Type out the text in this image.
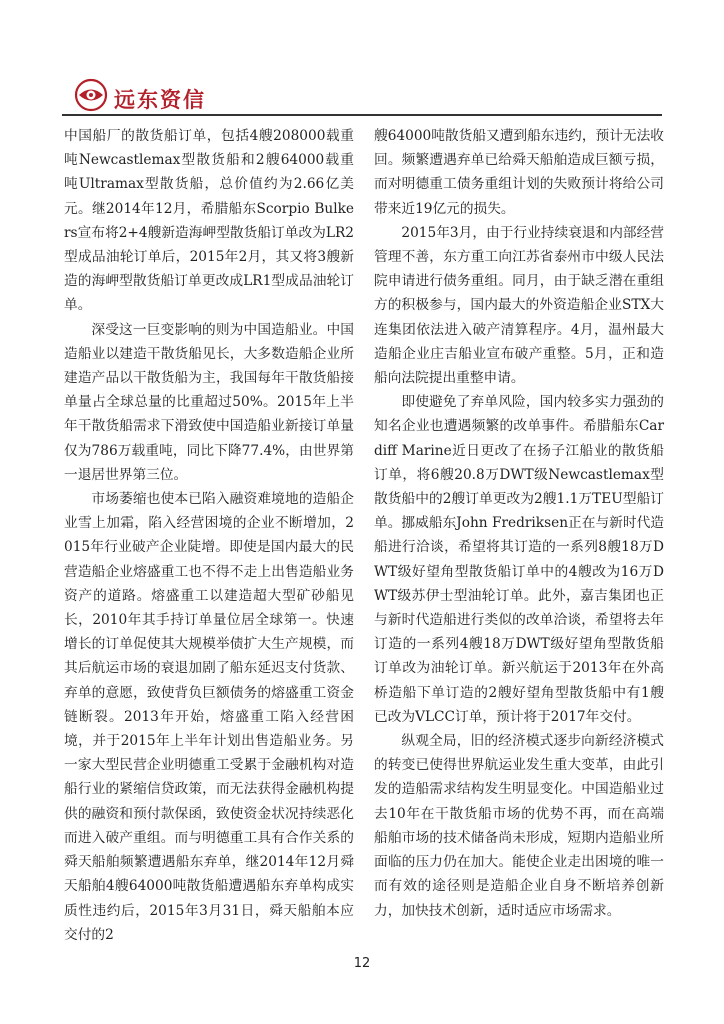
远东资信

中国船厂的散货船订单，包括4艘208000载重吨Newcastlemax型散货船和2艘64000载重吨Ultramax型散货船，总价值约为2.66亿美元。继2014年12月，希腊船东Scorpio Bulkers宣布将2+4艘新造海岬型散货船订单改为LR2型成品油轮订单后，2015年2月，其又将3艘新造的海岬型散货船订单更改成LR1型成品油轮订单。

深受这一巨变影响的则为中国造船业。中国造船业以建造干散货船见长，大多数造船企业所建造产品以干散货船为主，我国每年干散货船接单量占全球总量的比重超过50%。2015年上半年干散货船需求下滑致使中国造船业新接订单量仅为786万载重吨，同比下降77.4%，由世界第一退居世界第三位。

市场萎缩也使本已陷入融资难境地的造船企业雪上加霜，陷入经营困境的企业不断增加，2015年行业破产企业陡增。即使是国内最大的民营造船企业熔盛重工也不得不走上出售造船业务资产的道路。熔盛重工以建造超大型矿砂船见长，2010年其手持订单量位居全球第一。快速增长的订单促使其大规模举债扩大生产规模，而其后航运市场的衰退加剧了船东延迟支付货款、弃单的意愿，致使背负巨额债务的熔盛重工资金链断裂。2013年开始，熔盛重工陷入经营困境，并于2015年上半年计划出售造船业务。另一家大型民营企业明德重工受累于金融机构对造船行业的紧缩信贷政策，而无法获得金融机构提供的融资和预付款保函，致使资金状况持续恶化而进入破产重组。而与明德重工具有合作关系的舜天船舶频繁遭遇船东弃单，继2014年12月舜天船舶4艘64000吨散货船遭遇船东弃单构成实质性违约后，2015年3月31日，舜天船舶本应交付的2

艘64000吨散货船又遭到船东违约，预计无法收回。频繁遭遇弃单已给舜天船舶造成巨额亏损，而对明德重工债务重组计划的失败预计将给公司带来近19亿元的损失。

2015年3月，由于行业持续衰退和内部经营管理不善，东方重工向江苏省泰州市中级人民法院申请进行债务重组。同月，由于缺乏潜在重组方的积极参与，国内最大的外资造船企业STX大连集团依法进入破产清算程序。4月，温州最大造船企业庄吉船业宣布破产重整。5月，正和造船向法院提出重整申请。

即使避免了弃单风险，国内较多实力强劲的知名企业也遭遇频繁的改单事件。希腊船东Cardiff Marine近日更改了在扬子江船业的散货船订单，将6艘20.8万DWT级Newcastlemax型散货船中的2艘订单更改为2艘1.1万TEU型船订单。挪威船东John Fredriksen正在与新时代造船进行洽谈，希望将其订造的一系列8艘18万DWT级好望角型散货船订单中的4艘改为16万DWT级苏伊士型油轮订单。此外，嘉吉集团也正与新时代造船进行类似的改单洽谈，希望将去年订造的一系列4艘18万DWT级好望角型散货船订单改为油轮订单。新兴航运于2013年在外高桥造船下单订造的2艘好望角型散货船中有1艘已改为VLCC订单，预计将于2017年交付。

纵观全局，旧的经济模式逐步向新经济模式的转变已使得世界航运业发生重大变革，由此引发的造船需求结构发生明显变化。中国造船业过去10年在干散货船市场的优势不再，而在高端船舶市场的技术储备尚未形成，短期内造船业所面临的压力仍在加大。能使企业走出困境的唯一而有效的途径则是造船企业自身不断培养创新力，加快技术创新，适时适应市场需求。

12
